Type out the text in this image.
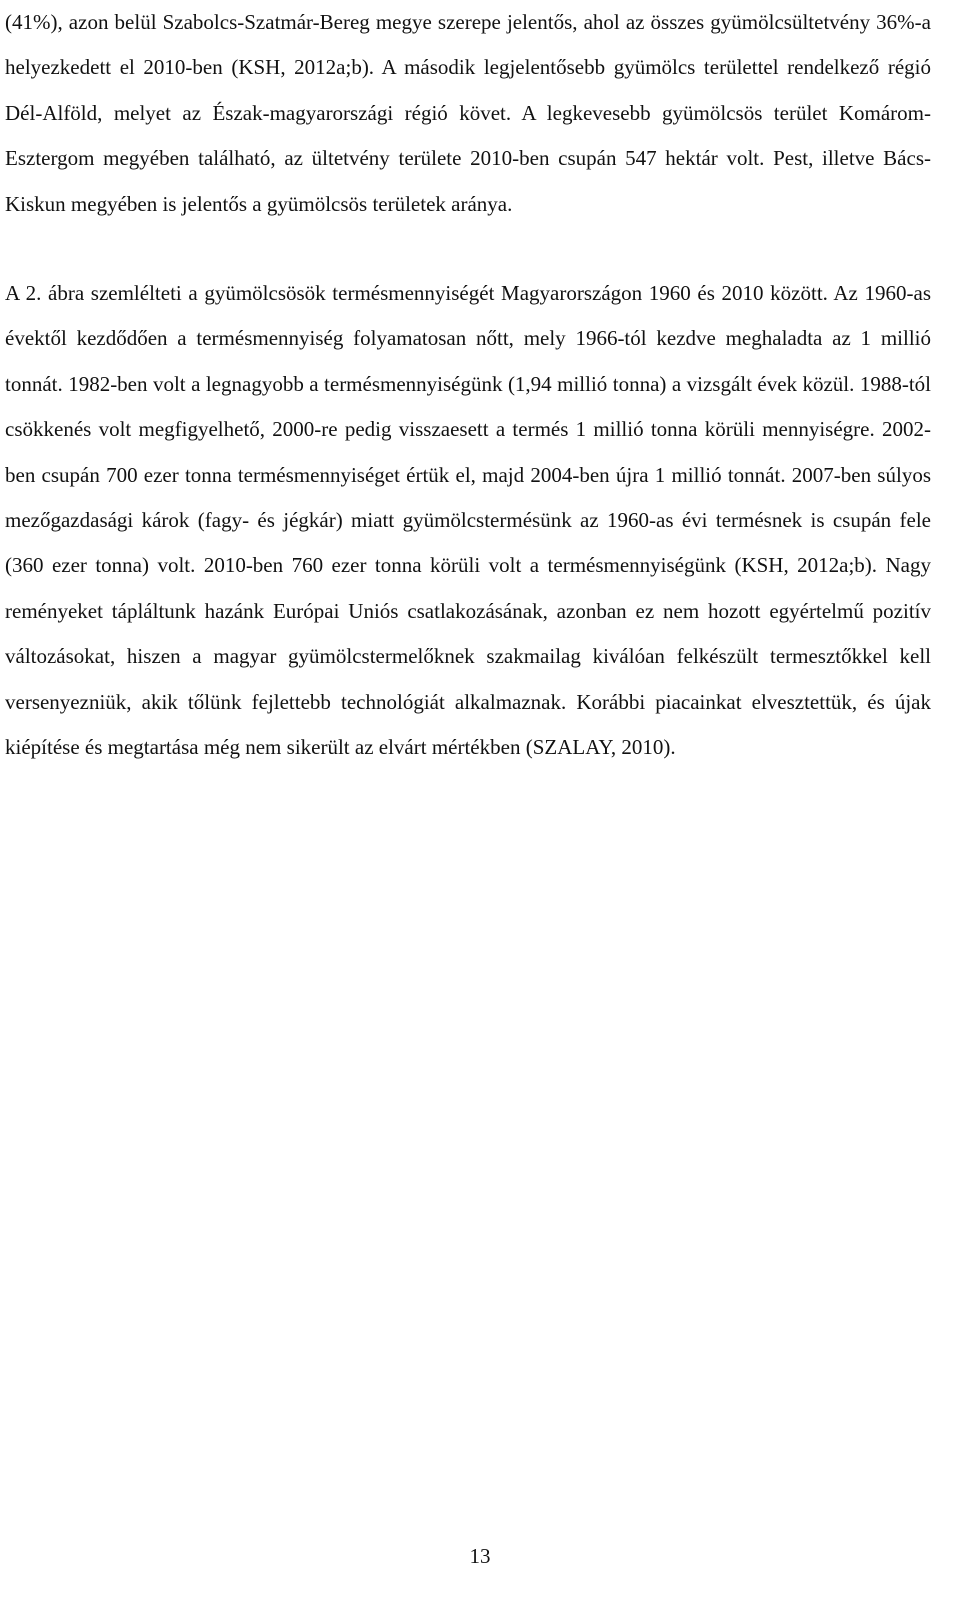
(41%), azon belül Szabolcs-Szatmár-Bereg megye szerepe jelentős, ahol az összes gyümölcsültetvény 36%-a helyezkedett el 2010-ben (KSH, 2012a;b). A második legjelentősebb gyümölcs területtel rendelkező régió Dél-Alföld, melyet az Észak-magyarországi régió követ. A legkevesebb gyümölcsös terület Komárom-Esztergom megyében található, az ültetvény területe 2010-ben csupán 547 hektár volt. Pest, illetve Bács-Kiskun megyében is jelentős a gyümölcsös területek aránya.

A 2. ábra szemlélteti a gyümölcsösök termésmennyiségét Magyarországon 1960 és 2010 között. Az 1960-as évektől kezdődően a termésmennyiség folyamatosan nőtt, mely 1966-tól kezdve meghaladta az 1 millió tonnát. 1982-ben volt a legnagyobb a termésmennyiségünk (1,94 millió tonna) a vizsgált évek közül. 1988-tól csökkenés volt megfigyelhető, 2000-re pedig visszaesett a termés 1 millió tonna körüli mennyiségre. 2002-ben csupán 700 ezer tonna termésmennyiséget értük el, majd 2004-ben újra 1 millió tonnát. 2007-ben súlyos mezőgazdasági károk (fagy- és jégkár) miatt gyümölcstermésünk az 1960-as évi termésnek is csupán fele (360 ezer tonna) volt. 2010-ben 760 ezer tonna körüli volt a termésmennyiségünk (KSH, 2012a;b). Nagy reményeket tápláltunk hazánk Európai Uniós csatlakozásának, azonban ez nem hozott egyértelmű pozitív változásokat, hiszen a magyar gyümölcstermelőknek szakmailag kiválóan felkészült termesztőkkel kell versenyezniük, akik tőlünk fejlettebb technológiát alkalmaznak. Korábbi piacainkat elvesztettük, és újak kiépítése és megtartása még nem sikerült az elvárt mértékben (SZALAY, 2010).

13
